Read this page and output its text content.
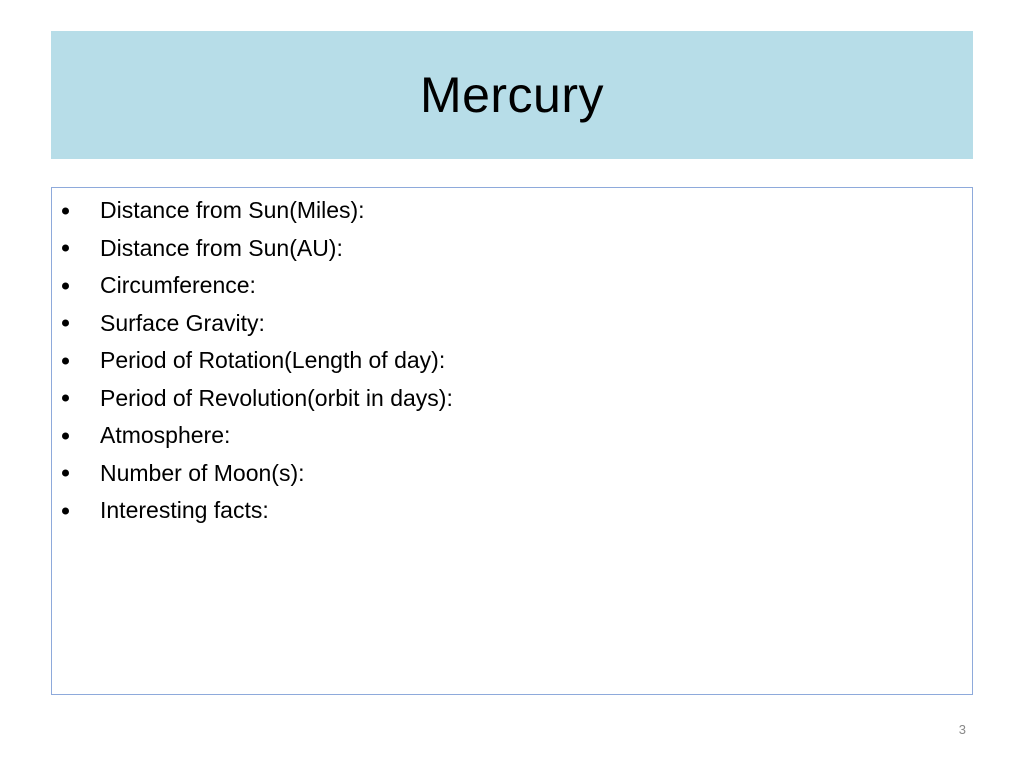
Mercury
Distance from Sun(Miles):
Distance from Sun(AU):
Circumference:
Surface Gravity:
Period of Rotation(Length of day):
Period of Revolution(orbit in days):
Atmosphere:
Number of Moon(s):
Interesting facts:
3
